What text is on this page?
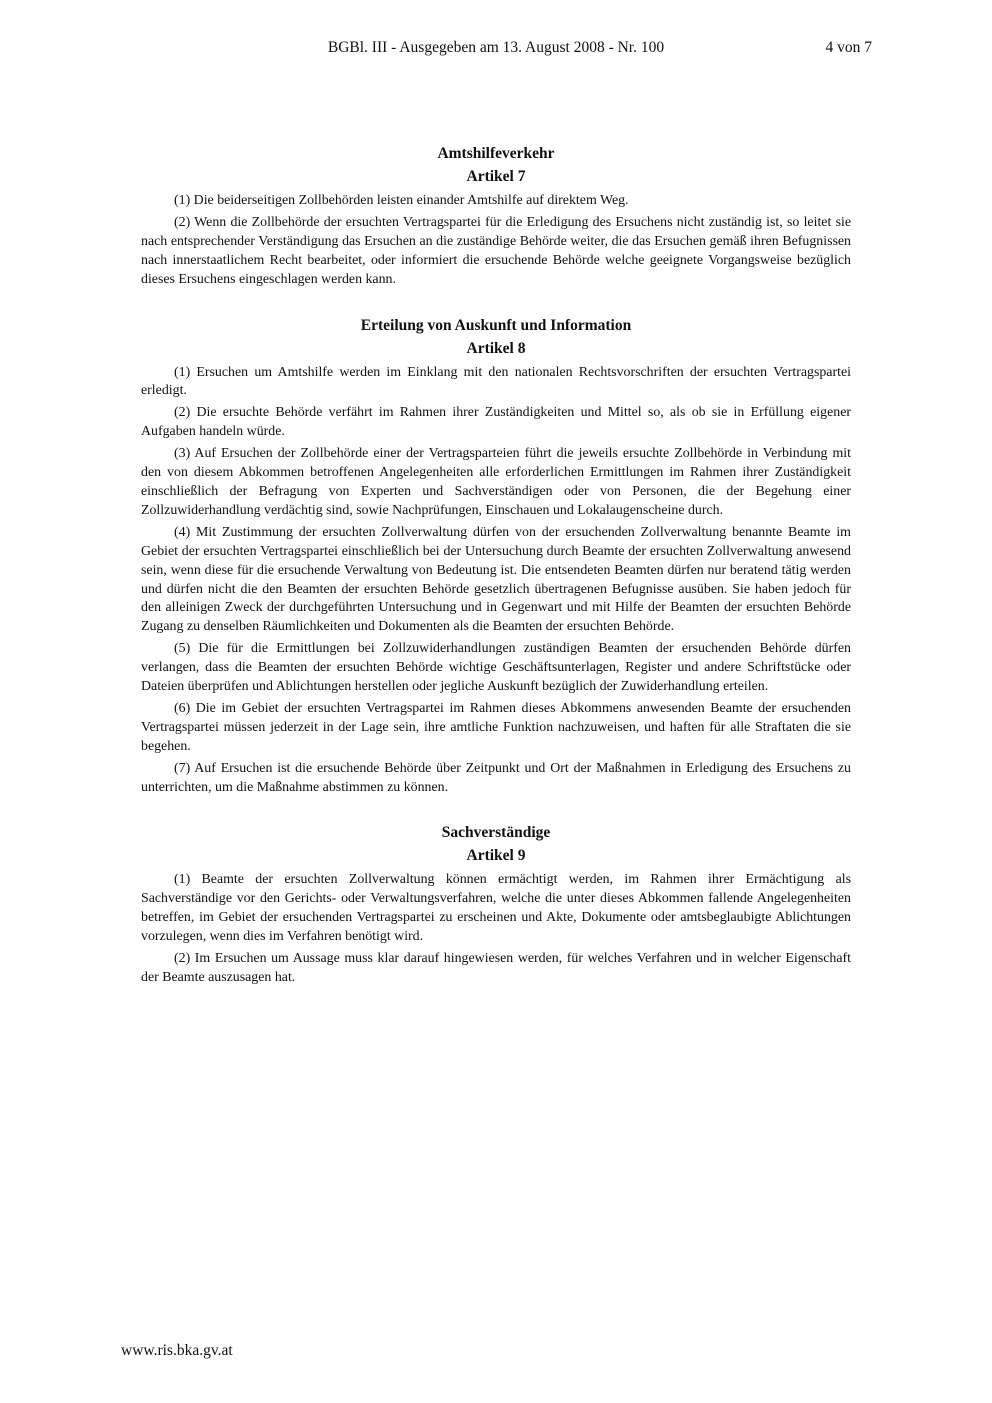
BGBl. III - Ausgegeben am 13. August 2008 - Nr. 100	4 von 7

Amtshilfeverkehr

Artikel 7

(1) Die beiderseitigen Zollbehörden leisten einander Amtshilfe auf direktem Weg.

(2) Wenn die Zollbehörde der ersuchten Vertragspartei für die Erledigung des Ersuchens nicht zuständig ist, so leitet sie nach entsprechender Verständigung das Ersuchen an die zuständige Behörde weiter, die das Ersuchen gemäß ihren Befugnissen nach innerstaatlichem Recht bearbeitet, oder informiert die ersuchende Behörde welche geeignete Vorgangsweise bezüglich dieses Ersuchens eingeschlagen werden kann.

Erteilung von Auskunft und Information

Artikel 8

(1) Ersuchen um Amtshilfe werden im Einklang mit den nationalen Rechtsvorschriften der ersuchten Vertragspartei erledigt.

(2) Die ersuchte Behörde verfährt im Rahmen ihrer Zuständigkeiten und Mittel so, als ob sie in Erfüllung eigener Aufgaben handeln würde.

(3) Auf Ersuchen der Zollbehörde einer der Vertragsparteien führt die jeweils ersuchte Zollbehörde in Verbindung mit den von diesem Abkommen betroffenen Angelegenheiten alle erforderlichen Ermittlungen im Rahmen ihrer Zuständigkeit einschließlich der Befragung von Experten und Sachverständigen oder von Personen, die der Begehung einer Zollzuwiderhandlung verdächtig sind, sowie Nachprüfungen, Einschauen und Lokalaugenscheine durch.

(4) Mit Zustimmung der ersuchten Zollverwaltung dürfen von der ersuchenden Zollverwaltung benannte Beamte im Gebiet der ersuchten Vertragspartei einschließlich bei der Untersuchung durch Beamte der ersuchten Zollverwaltung anwesend sein, wenn diese für die ersuchende Verwaltung von Bedeutung ist. Die entsendeten Beamten dürfen nur beratend tätig werden und dürfen nicht die den Beamten der ersuchten Behörde gesetzlich übertragenen Befugnisse ausüben. Sie haben jedoch für den alleinigen Zweck der durchgeführten Untersuchung und in Gegenwart und mit Hilfe der Beamten der ersuchten Behörde Zugang zu denselben Räumlichkeiten und Dokumenten als die Beamten der ersuchten Behörde.

(5) Die für die Ermittlungen bei Zollzuwiderhandlungen zuständigen Beamten der ersuchenden Behörde dürfen verlangen, dass die Beamten der ersuchten Behörde wichtige Geschäftsunterlagen, Register und andere Schriftstücke oder Dateien überprüfen und Ablichtungen herstellen oder jegliche Auskunft bezüglich der Zuwiderhandlung erteilen.

(6) Die im Gebiet der ersuchten Vertragspartei im Rahmen dieses Abkommens anwesenden Beamte der ersuchenden Vertragspartei müssen jederzeit in der Lage sein, ihre amtliche Funktion nachzuweisen, und haften für alle Straftaten die sie begehen.

(7) Auf Ersuchen ist die ersuchende Behörde über Zeitpunkt und Ort der Maßnahmen in Erledigung des Ersuchens zu unterrichten, um die Maßnahme abstimmen zu können.

Sachverständige

Artikel 9

(1) Beamte der ersuchten Zollverwaltung können ermächtigt werden, im Rahmen ihrer Ermächtigung als Sachverständige vor den Gerichts- oder Verwaltungsverfahren, welche die unter dieses Abkommen fallende Angelegenheiten betreffen, im Gebiet der ersuchenden Vertragspartei zu erscheinen und Akte, Dokumente oder amtsbeglaubigte Ablichtungen vorzulegen, wenn dies im Verfahren benötigt wird.

(2) Im Ersuchen um Aussage muss klar darauf hingewiesen werden, für welches Verfahren und in welcher Eigenschaft der Beamte auszusagen hat.

www.ris.bka.gv.at
